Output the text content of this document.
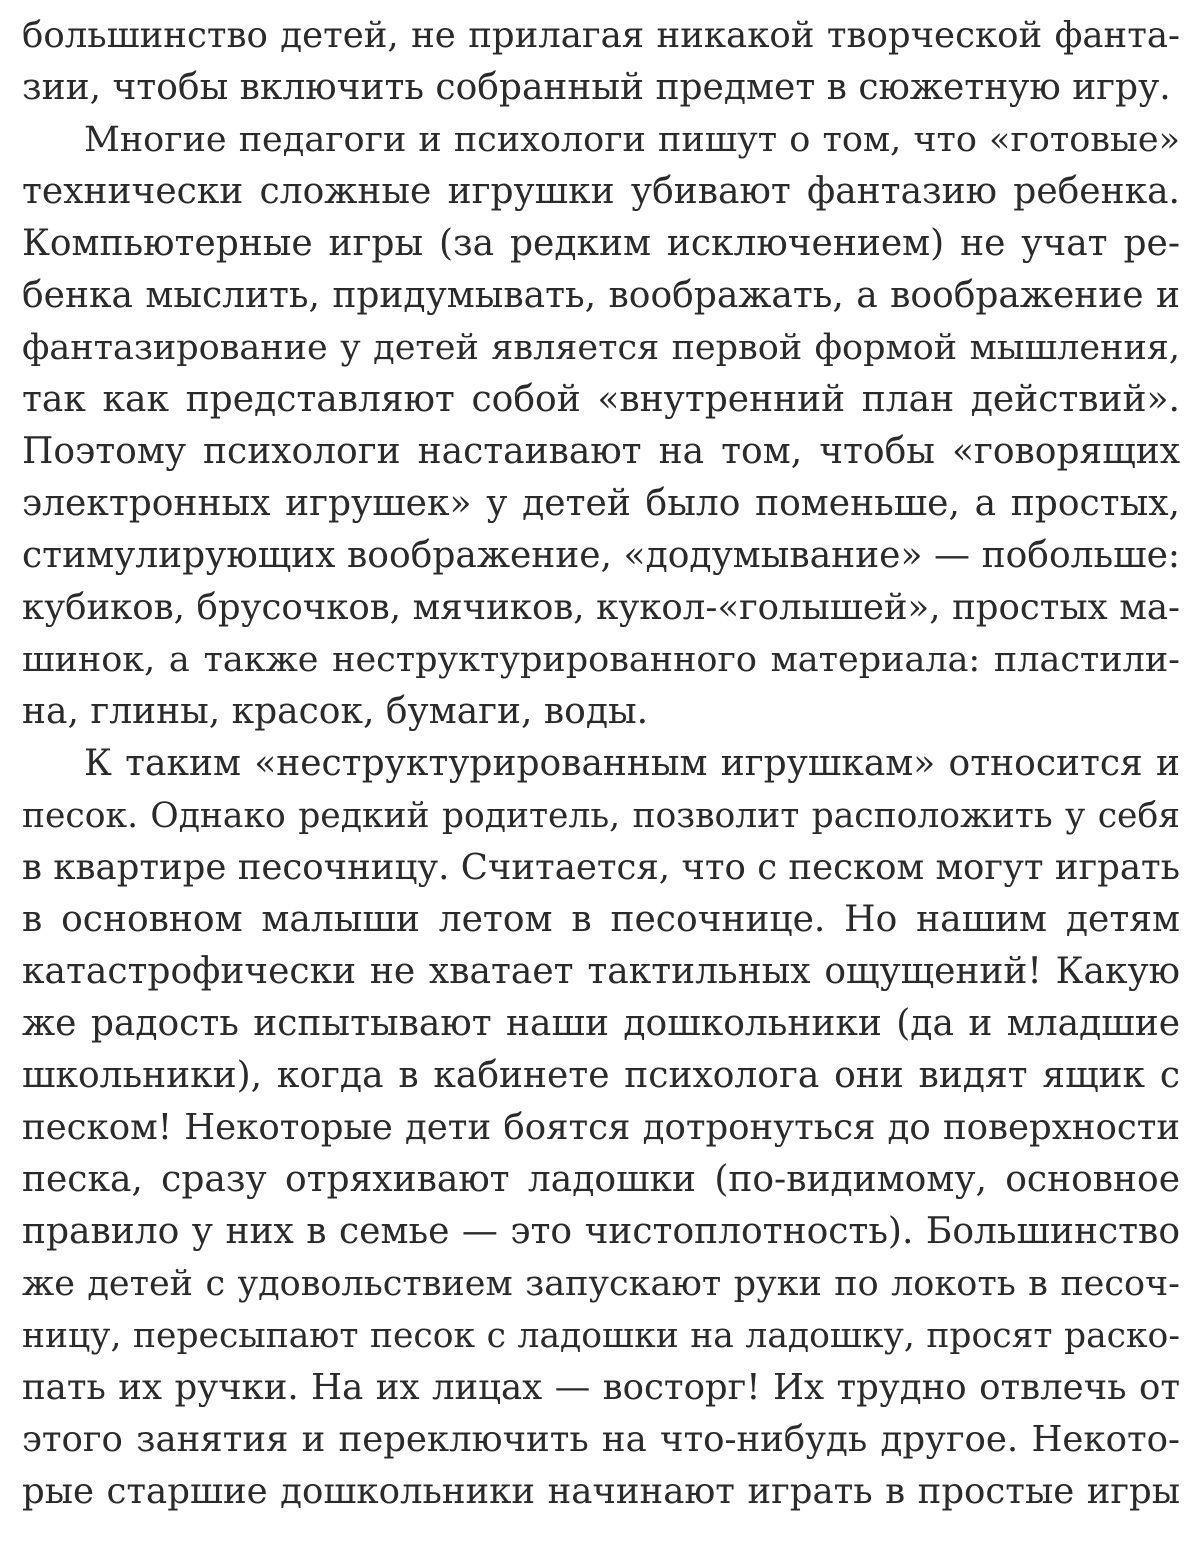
большинство детей, не прилагая никакой творческой фанта-
зии, чтобы включить собранный предмет в сюжетную игру.
Многие педагоги и психологи пишут о том, что «готовые»
технически сложные игрушки убивают фантазию ребенка.
Компьютерные игры (за редким исключением) не учат ре-
бенка мыслить, придумывать, воображать, а воображение и
фантазирование у детей является первой формой мышления,
так как представляют собой «внутренний план действий».
Поэтому психологи настаивают на том, чтобы «говорящих
электронных игрушек» у детей было поменьше, а простых,
стимулирующих воображение, «додумывание» — побольше:
кубиков, брусочков, мячиков, кукол-«голышей», простых ма-
шинок, а также неструктурированного материала: пластили-
на, глины, красок, бумаги, воды.
К таким «неструктурированным игрушкам» относится и
песок. Однако редкий родитель, позволит расположить у себя
в квартире песочницу. Считается, что с песком могут играть
в основном малыши летом в песочнице. Но нашим детям
катастрофически не хватает тактильных ощущений! Какую
же радость испытывают наши дошкольники (да и младшие
школьники), когда в кабинете психолога они видят ящик с
песком! Некоторые дети боятся дотронуться до поверхности
песка, сразу отряхивают ладошки (по-видимому, основное
правило у них в семье — это чистоплотность). Большинство
же детей с удовольствием запускают руки по локоть в песоч-
ницу, пересыпают песок с ладошки на ладошку, просят раско-
пать их ручки. На их лицах — восторг! Их трудно отвлечь от
этого занятия и переключить на что-нибудь другое. Некото-
рые старшие дошкольники начинают играть в простые игры
